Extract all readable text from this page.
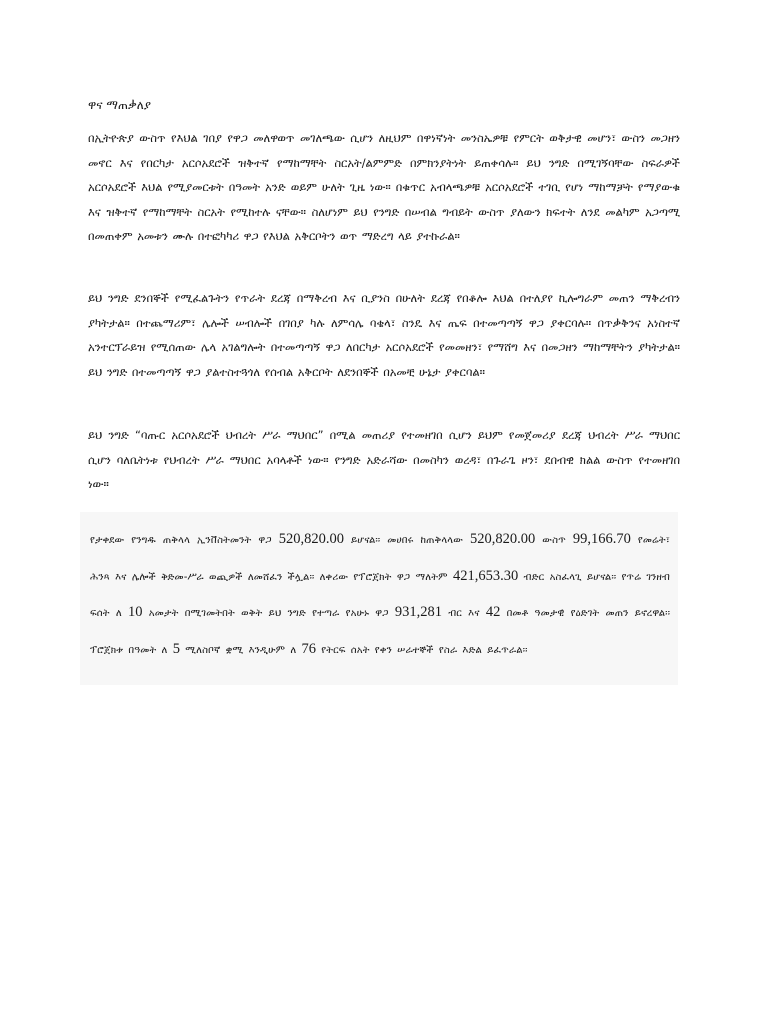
ዋና ማጠቃለያ

በኢትዮጵያ ውስጥ የእህል ገበያ የዋጋ መለዋወጥ መገለጫው ሲሆን ለዚህም በዋነኛነት መንስኤዎቹ የምርት ወቅታዊ መሆን፣ ውስን መጋዘን መኖር እና የበርካታ አርሶአደሮች ዝቅተኛ የማከማቸት ስርአት/ልምምድ በምክንያትነት ይጠቀሳሉ። ይህ ንግድ በሚገኝባቸው ስፍራዎች አርሶአደሮች እህል የሚያመርቱት በዓመት አንድ ወይም ሁለት ጊዜ ነው። በቁጥር አብላጫዎቹ አርሶአደሮች ተገቢ የሆነ ማከማቻት የማያውቁ እና ዝቅተኛ የማከማቸት ስርአት የሚከተሉ ናቸው። ስለሆነም ይህ የንግድ በሠብል ግብይት ውስጥ ያለውን ክፍተት ለንደ መልካም አጋጣሚ በመጠቀም አመቱን ሙሉ በተፎካካሪ ዋጋ የእህል አቅርቦትን ወጥ ማድረግ ላይ ያተኩራል።

ይህ ንግድ ደንበኞች የሚፈልጉትን የጥራት ደረጃ በማቅረብ እና ቢያንስ በሁለት ደረጃ የበቆሎ እህል በተለያየ ኪሎግራም መጠን ማቅረብን ያካትታል። በተጨማሪም፣ ሌሎች ሠብሎች በገበያ ካሉ ለምሳሌ ባቄላ፣ ስንዴ እና ጤፍ በተመጣጣኝ ዋጋ ያቀርባሉ። በጥቃቅንና አነስተኛ አንተርፕራይዝ የሚሰጠው ሌላ አገልግሎት በተመጣጣኝ ዋጋ ለበርካታ አርሶአደሮች የመመዘን፣ የማሸግ እና በመጋዘን ማከማቸትን ያካትታል። ይህ ንግድ በተመጣጣኝ ዋጋ ያልተስተጓጎለ የሰብል አቅርቦት ለደንበኞች በአመቺ ሁኔታ ያቀርባል።

ይህ ንግድ “ባጡር አርሶአደሮች ህብረት ሥራ ማህበር” በሚል መጠሪያ የተመዘገበ ሲሆን ይህም የመጀመሪያ ደረጃ ህብረት ሥራ ማህበር ሲሆን ባለቤትነቱ የህብረት ሥራ ማህበር አባላቶች ነው። የንግድ አድራሻው በመስካን ወረዳ፣ በጉራጌ ዞን፣ ደበብዊ ክልል ውስጥ የተመዘገበ ነው።

የታቀደው የንግዱ ጠቅላላ ኢንቨስትመንት ዋጋ 520,820.00 ይሆናል፡፡ መሀበሩ ከጠቅላላው 520,820.00 ውስጥ 99,166.70 የመሬት፣ ሕንጻ እና ሌሎች ቅድመ-ሥራ ወጪዎች ለመሸፈን ችሏል፡፡ ለቀሪው የፕሮጀክት ዋጋ ማለትም 421,653.30 ብድር አስፈላጊ ይሆናል፡፡ የጥሬ ገንዘብ ፍሰት ለ 10 አመታት በሚገመትበት ወቅት ይህ ንግድ የተጣራ የአሁኑ ዋጋ 931,281 ብር እና 42 በመቶ ዓመታዊ የዕድገት መጠን ይኖረዋል፡፡ ፕሮጀክቱ በዓመት ለ 5 ሚለስቦኛ ቋሚ እንዲሁም ለ 76 የትርፍ ሰአት የቀን ሠራተኞች የስራ እድል ይፈጥራል፡፡
